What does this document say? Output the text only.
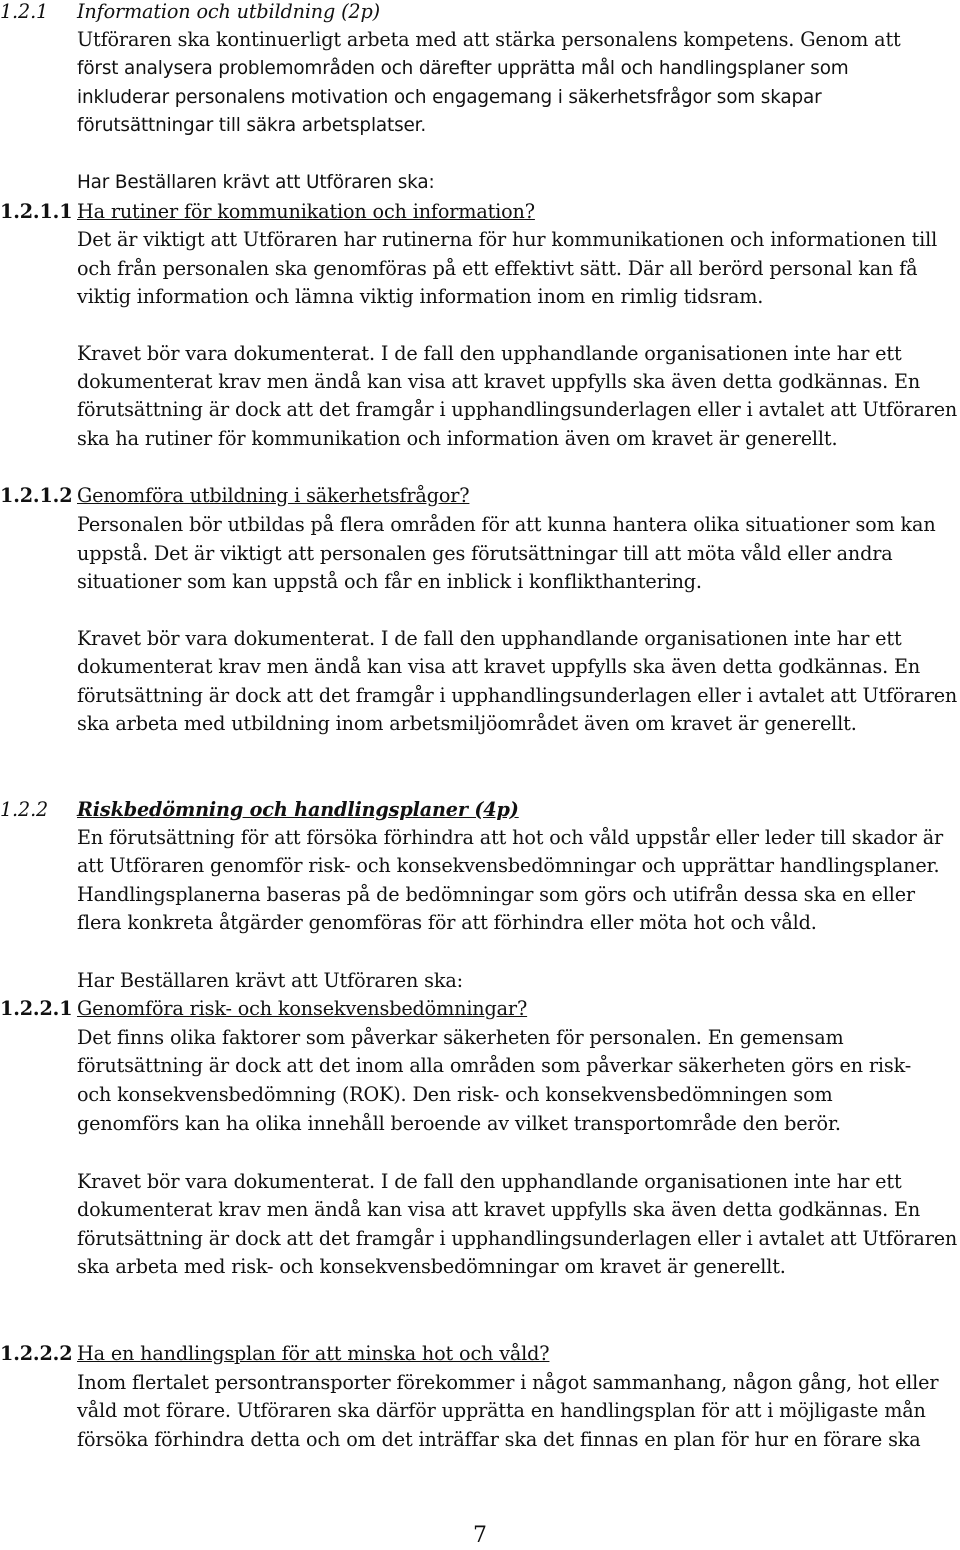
1.2.1 Information och utbildning (2p)
Utföraren ska kontinuerligt arbeta med att stärka personalens kompetens. Genom att
först analysera problemområden och därefter upprätta mål och handlingsplaner som
inkluderar personalens motivation och engagemang i säkerhetsfrågor som skapar
förutsättningar till säkra arbetsplatser.
Har Beställaren krävt att Utföraren ska:
1.2.1.1 Ha rutiner för kommunikation och information?
Det är viktigt att Utföraren har rutinerna för hur kommunikationen och informationen till
och från personalen ska genomföras på ett effektivt sätt. Där all berörd personal kan få
viktig information och lämna viktig information inom en rimlig tidsram.
Kravet bör vara dokumenterat. I de fall den upphandlande organisationen inte har ett
dokumenterat krav men ändå kan visa att kravet uppfylls ska även detta godkännas. En
förutsättning är dock att det framgår i upphandlingsunderlagen eller i avtalet att Utföraren
ska ha rutiner för kommunikation och information även om kravet är generellt.
1.2.1.2 Genomföra utbildning i säkerhetsfrågor?
Personalen bör utbildas på flera områden för att kunna hantera olika situationer som kan
uppstå. Det är viktigt att personalen ges förutsättningar till att möta våld eller andra
situationer som kan uppstå och får en inblick i konflikthantering.
Kravet bör vara dokumenterat. I de fall den upphandlande organisationen inte har ett
dokumenterat krav men ändå kan visa att kravet uppfylls ska även detta godkännas. En
förutsättning är dock att det framgår i upphandlingsunderlagen eller i avtalet att Utföraren
ska arbeta med utbildning inom arbetsmiljöområdet även om kravet är generellt.
1.2.2 Riskbedömning och handlingsplaner (4p)
En förutsättning för att försöka förhindra att hot och våld uppstår eller leder till skador är
att Utföraren genomför risk- och konsekvensbedömningar och upprättar handlingsplaner.
Handlingsplanerna baseras på de bedömningar som görs och utifrån dessa ska en eller
flera konkreta åtgärder genomföras för att förhindra eller möta hot och våld.
Har Beställaren krävt att Utföraren ska:
1.2.2.1 Genomföra risk- och konsekvensbedömningar?
Det finns olika faktorer som påverkar säkerheten för personalen. En gemensam
förutsättning är dock att det inom alla områden som påverkar säkerheten görs en risk-
och konsekvensbedömning (ROK). Den risk- och konsekvensbedömningen som
genomförs kan ha olika innehåll beroende av vilket transportområde den berör.
Kravet bör vara dokumenterat. I de fall den upphandlande organisationen inte har ett
dokumenterat krav men ändå kan visa att kravet uppfylls ska även detta godkännas. En
förutsättning är dock att det framgår i upphandlingsunderlagen eller i avtalet att Utföraren
ska arbeta med risk- och konsekvensbedömningar om kravet är generellt.
1.2.2.2 Ha en handlingsplan för att minska hot och våld?
Inom flertalet persontransporter förekommer i något sammanhang, någon gång, hot eller
våld mot förare. Utföraren ska därför upprätta en handlingsplan för att i möjligaste mån
försöka förhindra detta och om det inträffar ska det finnas en plan för hur en förare ska
7
